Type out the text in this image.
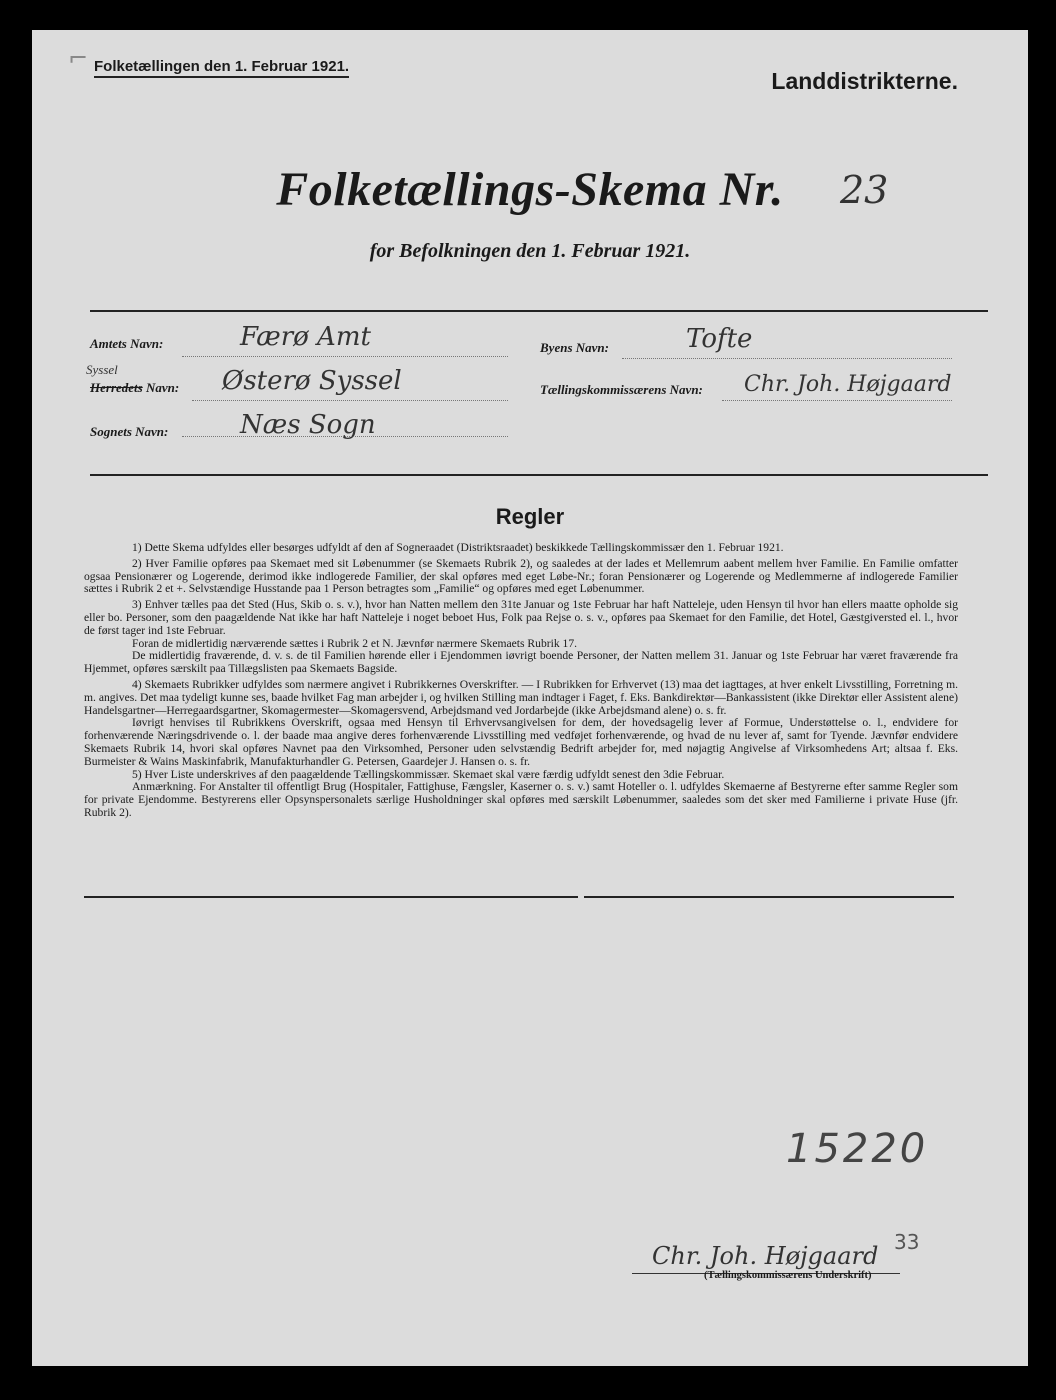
⌐ Folketællingen den 1. Februar 1921.
Landdistrikterne.
Folketællings-Skema Nr.	23
for Befolkningen den 1. Februar 1921.
Amtets Navn:	Færø Amt
Syssel
Herredets Navn: Østerø Syssel
Sognets Navn:	Næs Sogn
Byens Navn:	Tofte
Tællingskommissærens Navn: Chr. Joh. Højgaard
Regler

1) Dette Skema udfyldes eller besørges udfyldt af den af Sogneraadet (Distriktsraadet) beskikkede Tællingskommissær den 1. Februar 1921.

2) Hver Familie opføres paa Skemaet med sit Løbenummer (se Skemaets Rubrik 2), og saaledes at der lades et Mellemrum aabent mellem hver Familie. En Familie omfatter ogsaa Pensionærer og Logerende, derimod ikke indlogerede Familier, der skal opføres med eget Løbe-Nr.; foran Pensionærer og Logerende og Medlemmerne af indlogerede Familier sættes i Rubrik 2 et +. Selvstændige Husstande paa 1 Person betragtes som „Familie“ og opføres med eget Løbenummer.

3) Enhver tælles paa det Sted (Hus, Skib o. s. v.), hvor han Natten mellem den 31te Januar og 1ste Februar har haft Natteleje, uden Hensyn til hvor han ellers maatte opholde sig eller bo. Personer, som den paagældende Nat ikke har haft Natteleje i noget beboet Hus, Folk paa Rejse o. s. v., opføres paa Skemaet for den Familie, det Hotel, Gæstgiversted el. l., hvor de først tager ind 1ste Februar.

Foran de midlertidig nærværende sættes i Rubrik 2 et N. Jævnfør nærmere Skemaets Rubrik 17.

De midlertidig fraværende, d. v. s. de til Familien hørende eller i Ejendommen iøvrigt boende Personer, der Natten mellem 31. Januar og 1ste Februar har været fraværende fra Hjemmet, opføres særskilt paa Tillægslisten paa Skemaets Bagside.

4) Skemaets Rubrikker udfyldes som nærmere angivet i Rubrikkernes Overskrifter. — I Rubrikken for Erhvervet (13) maa det iagttages, at hver enkelt Livsstilling, Forretning m. m. angives. Det maa tydeligt kunne ses, baade hvilket Fag man arbejder i, og hvilken Stilling man indtager i Faget, f. Eks. Bankdirektør—Bankassistent (ikke Direktør eller Assistent alene) Handelsgartner—Herregaardsgartner, Skomagermester—Skomagersvend, Arbejdsmand ved Jordarbejde (ikke Arbejdsmand alene) o. s. fr.

Iøvrigt henvises til Rubrikkens Overskrift, ogsaa med Hensyn til Erhvervsangivelsen for dem, der hovedsagelig lever af Formue, Understøttelse o. l., endvidere for forhenværende Næringsdrivende o. l. der baade maa angive deres forhenværende Livsstilling med vedføjet forhenværende, og hvad de nu lever af, samt for Tyende. Jævnfør endvidere Skemaets Rubrik 14, hvori skal opføres Navnet paa den Virksomhed, Personer uden selvstændig Bedrift arbejder for, med nøjagtig Angivelse af Virksomhedens Art; altsaa f. Eks. Burmeister & Wains Maskinfabrik, Manufakturhandler G. Petersen, Gaardejer J. Hansen o. s. fr.

5) Hver Liste underskrives af den paagældende Tællingskommissær. Skemaet skal være færdig udfyldt senest den 3die Februar.

Anmærkning. For Anstalter til offentligt Brug (Hospitaler, Fattighuse, Fængsler, Kaserner o. s. v.) samt Hoteller o. l. udfyldes Skemaerne af Bestyrerne efter samme Regler som for private Ejendomme. Bestyrerens eller Opsynspersonalets særlige Husholdninger skal opføres med særskilt Løbenummer, saaledes som det sker med Familierne i private Huse (jfr. Rubrik 2).

15220
33
Chr. Joh. Højgaard
(Tællingskommissærens Underskrift)
